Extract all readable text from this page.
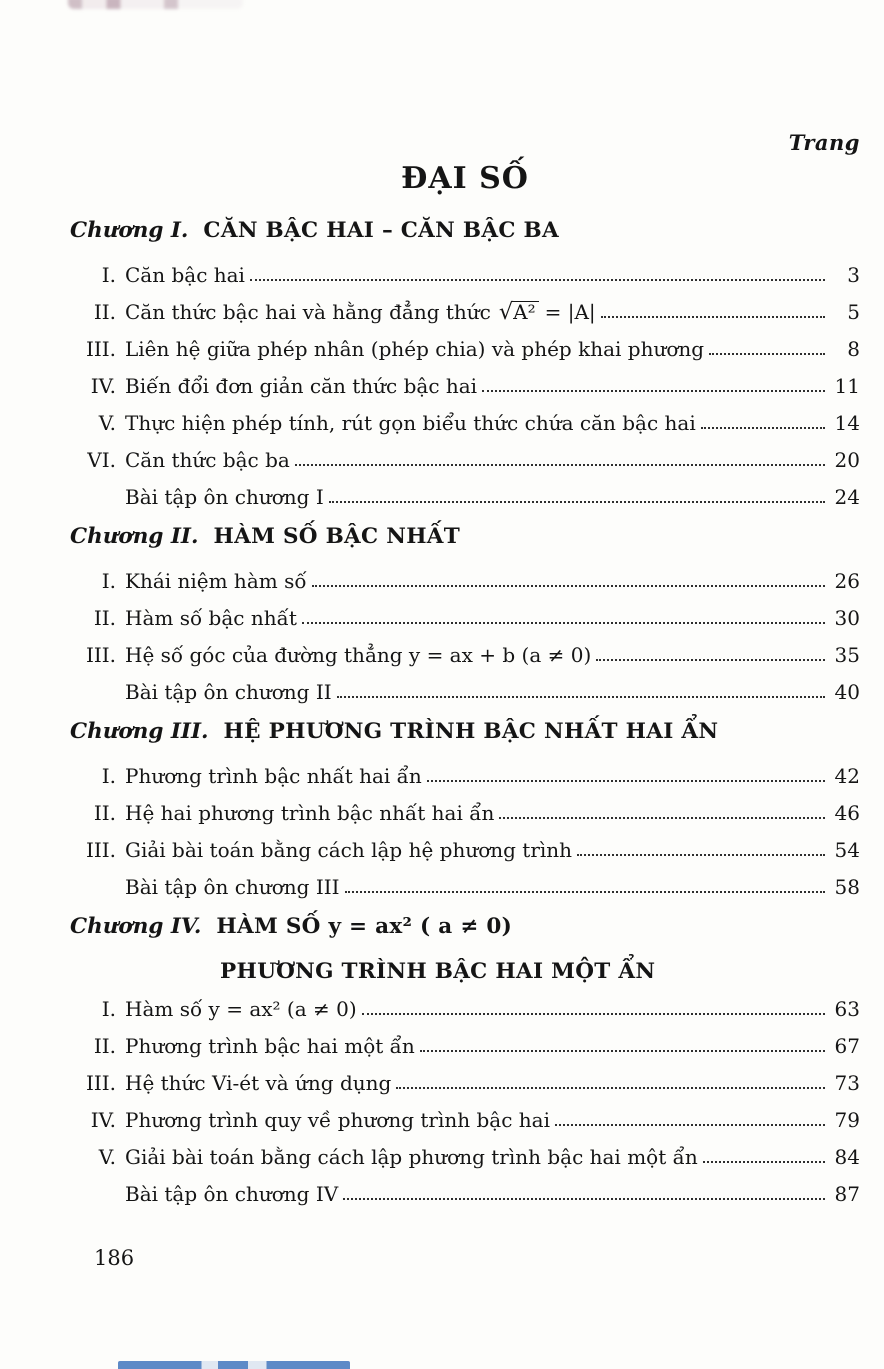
Trang
ĐẠI SỐ
Chương I. CĂN BẬC HAI – CĂN BẬC BA
I. Căn bậc hai	3
II. Căn thức bậc hai và hằng đẳng thức √A² = |A|	5
III. Liên hệ giữa phép nhân (phép chia) và phép khai phương	8
IV. Biến đổi đơn giản căn thức bậc hai	11
V. Thực hiện phép tính, rút gọn biểu thức chứa căn bậc hai	14
VI. Căn thức bậc ba	20
Bài tập ôn chương I	24
Chương II. HÀM SỐ BẬC NHẤT
I. Khái niệm hàm số	26
II. Hàm số bậc nhất	30
III. Hệ số góc của đường thẳng y = ax + b (a ≠ 0)	35
Bài tập ôn chương II	40
Chương III. HỆ PHƯƠNG TRÌNH BẬC NHẤT HAI ẨN
I. Phương trình bậc nhất hai ẩn	42
II. Hệ hai phương trình bậc nhất hai ẩn	46
III. Giải bài toán bằng cách lập hệ phương trình	54
Bài tập ôn chương III	58
Chương IV. HÀM SỐ y = ax² ( a ≠ 0)
PHƯƠNG TRÌNH BẬC HAI MỘT ẨN
I. Hàm số y = ax² (a ≠ 0)	63
II. Phương trình bậc hai một ẩn	67
III. Hệ thức Vi-ét và ứng dụng	73
IV. Phương trình quy về phương trình bậc hai	79
V. Giải bài toán bằng cách lập phương trình bậc hai một ẩn	84
Bài tập ôn chương IV	87
186
